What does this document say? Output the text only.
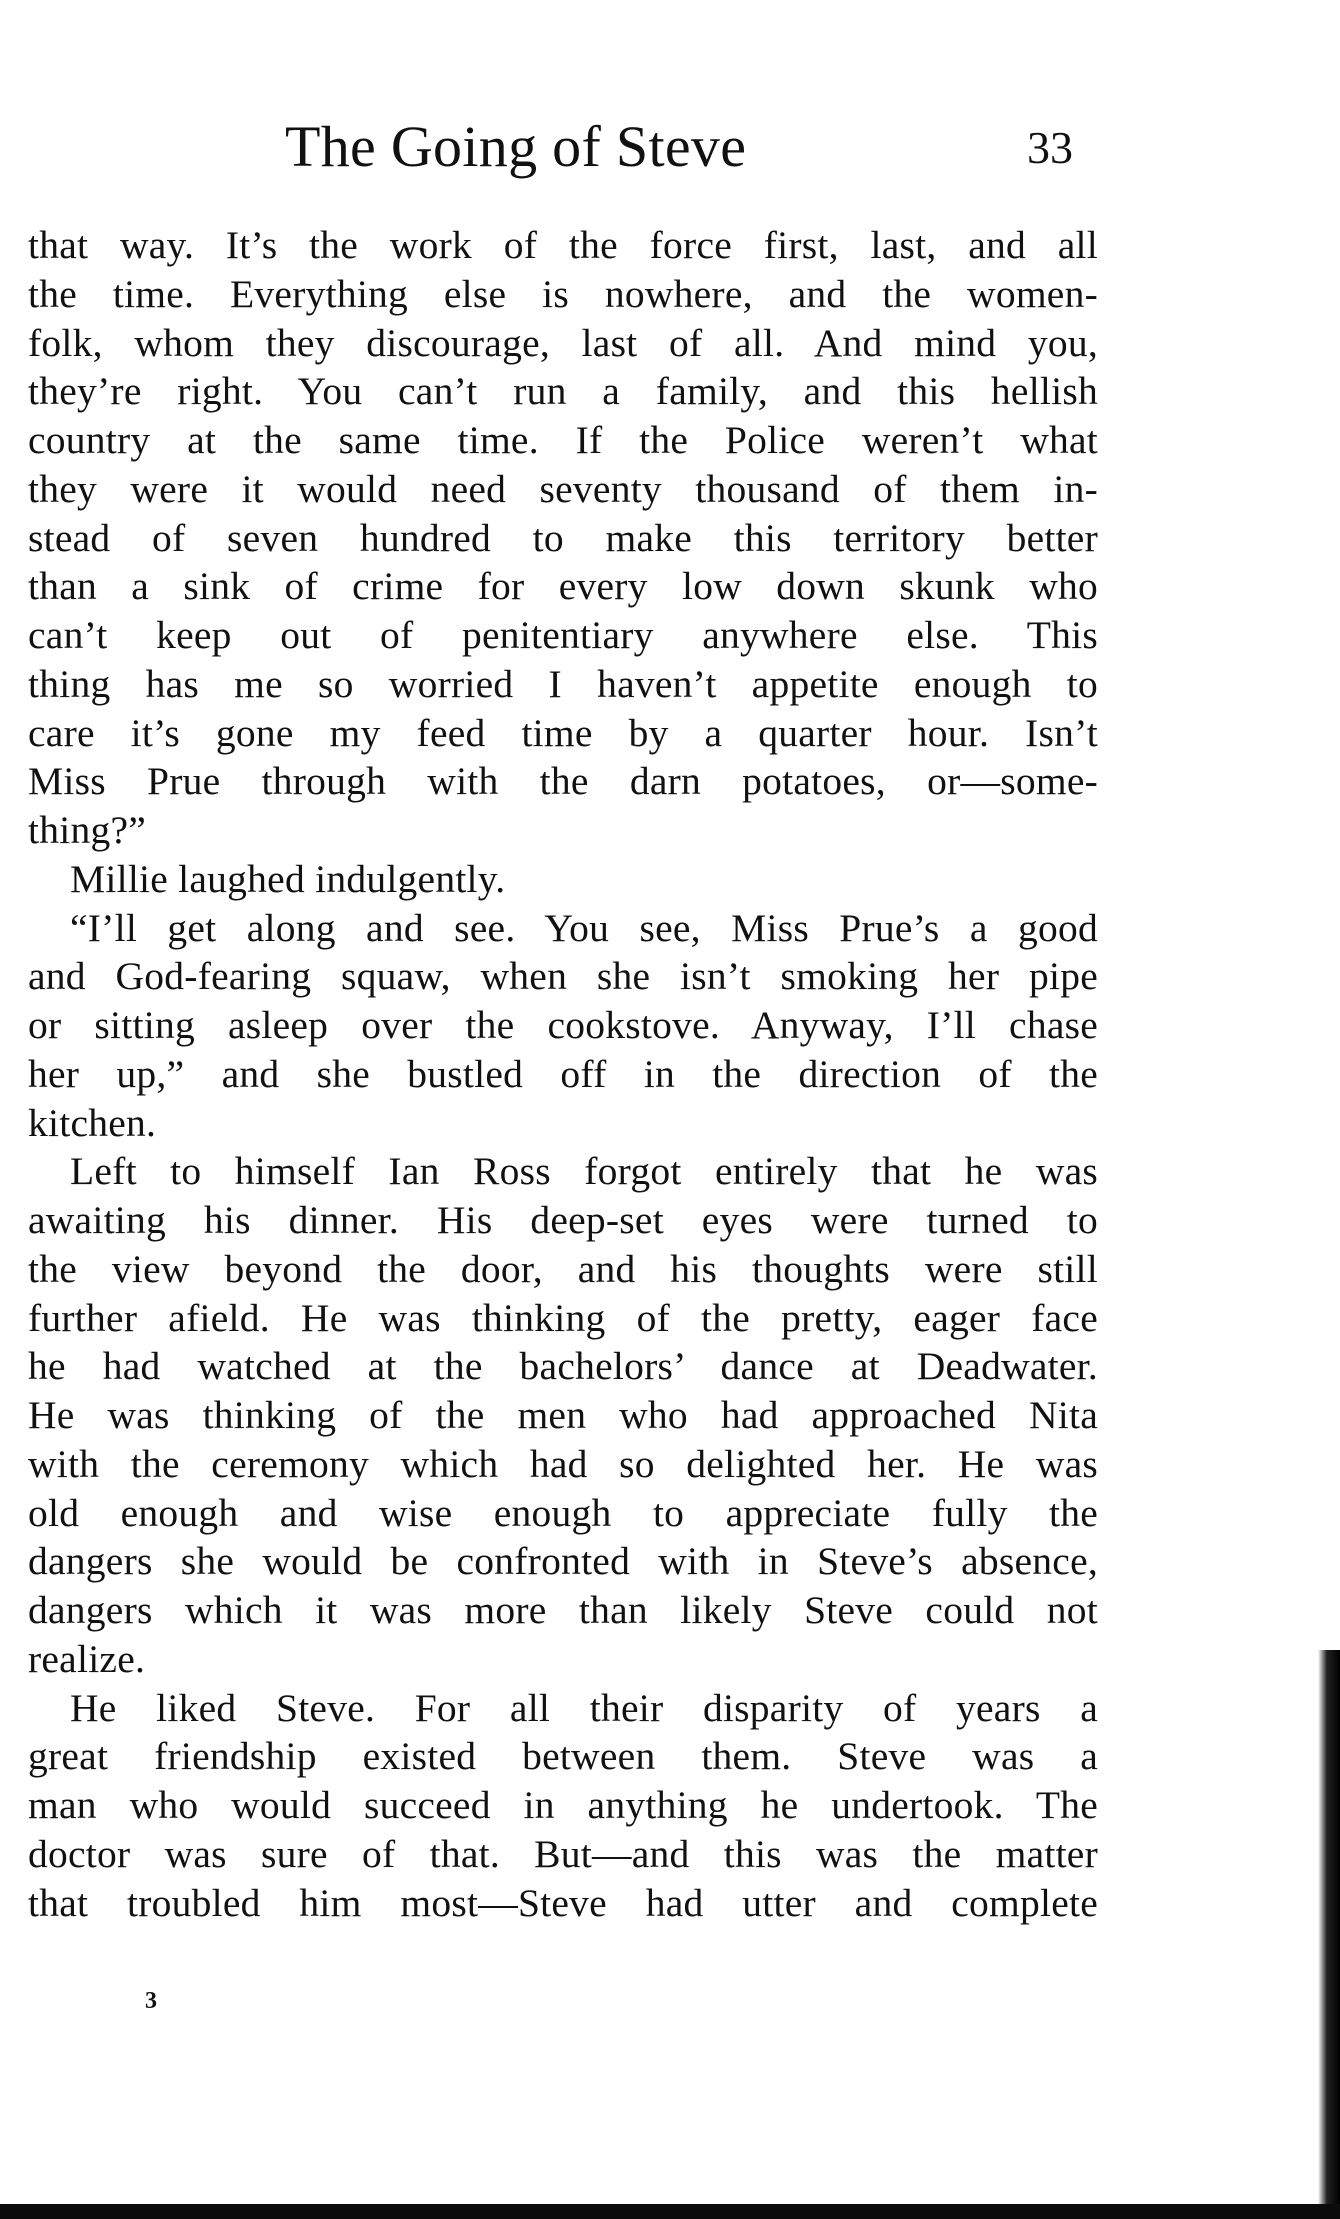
The Going of Steve	33
that way. It’s the work of the force first, last, and all
the time. Everything else is nowhere, and the women-
folk, whom they discourage, last of all. And mind you,
they’re right. You can’t run a family, and this hellish
country at the same time. If the Police weren’t what
they were it would need seventy thousand of them in-
stead of seven hundred to make this territory better
than a sink of crime for every low down skunk who
can’t keep out of penitentiary anywhere else. This
thing has me so worried I haven’t appetite enough to
care it’s gone my feed time by a quarter hour. Isn’t
Miss Prue through with the darn potatoes, or—some-
thing?”
Millie laughed indulgently.
“I’ll get along and see. You see, Miss Prue’s a good
and God-fearing squaw, when she isn’t smoking her pipe
or sitting asleep over the cookstove. Anyway, I’ll chase
her up,” and she bustled off in the direction of the
kitchen.
Left to himself Ian Ross forgot entirely that he was
awaiting his dinner. His deep-set eyes were turned to
the view beyond the door, and his thoughts were still
further afield. He was thinking of the pretty, eager face
he had watched at the bachelors’ dance at Deadwater.
He was thinking of the men who had approached Nita
with the ceremony which had so delighted her. He was
old enough and wise enough to appreciate fully the
dangers she would be confronted with in Steve’s absence,
dangers which it was more than likely Steve could not
realize.
He liked Steve. For all their disparity of years a
great friendship existed between them. Steve was a
man who would succeed in anything he undertook. The
doctor was sure of that. But—and this was the matter
that troubled him most—Steve had utter and complete
3
